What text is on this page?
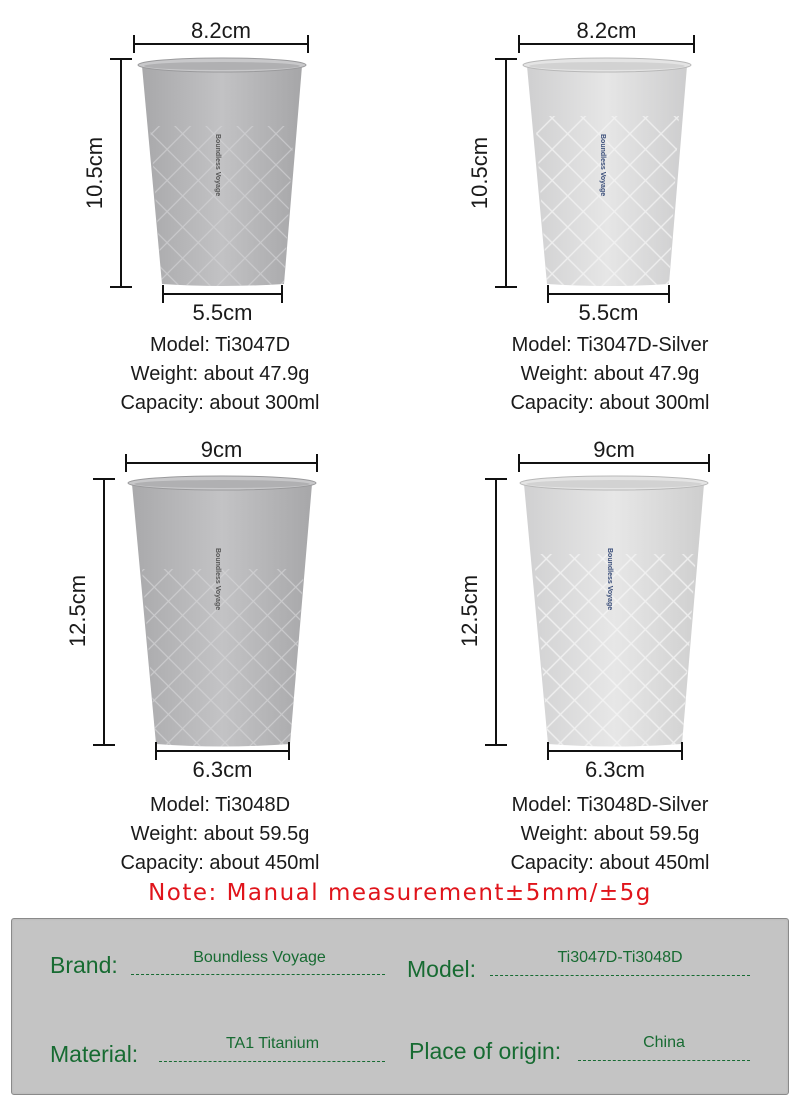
8.2cm
10.5cm	Boundless Voyage
5.5cm
Model: Ti3047D
Weight: about 47.9g
Capacity: about 300ml
8.2cm
10.5cm	Boundless Voyage
5.5cm
Model: Ti3047D-Silver
Weight: about 47.9g
Capacity: about 300ml
9cm
12.5cm	Boundless Voyage
6.3cm
Model: Ti3048D
Weight: about 59.5g
Capacity: about 450ml
9cm
12.5cm	Boundless Voyage
6.3cm
Model: Ti3048D-Silver
Weight: about 59.5g
Capacity: about 450ml
Note: Manual measurement±5mm/±5g
Brand:	Boundless Voyage	Model:	Ti3047D-Ti3048D
Material:	TA1 Titanium	Place of origin:	China
